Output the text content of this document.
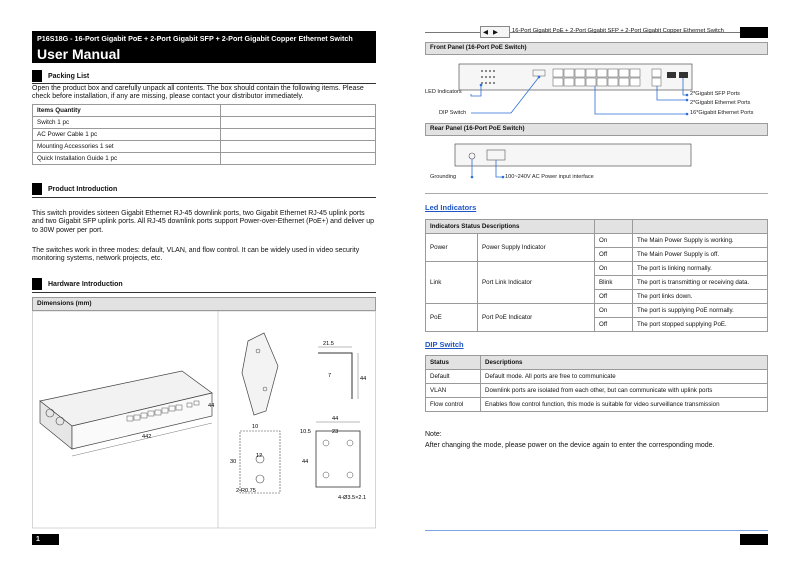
P16S18G - 16-Port Gigabit PoE + 2-Port Gigabit SFP + 2-Port Gigabit Copper Ethernet Switch
User Manual
Packing List
Open the product box and carefully unpack all contents. The box should contain the following items. Please check before installation, if any are missing, please contact your distributor immediately.
Items Quantity	
Switch 1 pc	
AC Power Cable 1 pc	
Mounting Accessories 1 set	
Quick Installation Guide 1 pc	
Product Introduction
This switch provides sixteen Gigabit Ethernet RJ-45 downlink ports, two Gigabit Ethernet RJ-45 uplink ports and two Gigabit SFP uplink ports. All RJ-45 downlink ports support Power-over-Ethernet (PoE+) and deliver up to 30W power per port.
The switches work in three modes: default, VLAN, and flow control. It can be widely used in video security monitoring systems, network projects, etc.
Hardware Introduction
Dimensions (mm)
442
44
21.5
7	44
10
30
12
2-R0.75
44
10.5	23
44
4-Ø3.5×2.1
1
◀ ▶ 16-Port Gigabit PoE + 2-Port Gigabit SFP + 2-Port Gigabit Copper Ethernet Switch
Front Panel (16-Port PoE Switch)
LED Indicators
DIP Switch
2*Gigabit SFP Ports
2*Gigabit Ethernet Ports
16*Gigabit Ethernet Ports
Rear Panel (16-Port PoE Switch)
Grounding	100~240V AC Power input interface
Led Indicators
Indicators Status Descriptions			
Power	Power Supply Indicator	On	The Main Power Supply is working.
		Off	The Main Power Supply is off.
Link	Port Link Indicator	On	The port is linking normally.
		Blink	The port is transmitting or receiving data.
		Off	The port links down.
PoE	Port PoE Indicator	On	The port is supplying PoE normally.
		Off	The port stopped supplying PoE.
DIP Switch
Status	Descriptions
Default	Default mode. All ports are free to communicate
VLAN	Downlink ports are isolated from each other, but can communicate with uplink ports
Flow control	Enables flow control function, this mode is suitable for video surveillance transmission
Note:
After changing the mode, please power on the device again to enter the corresponding mode.
